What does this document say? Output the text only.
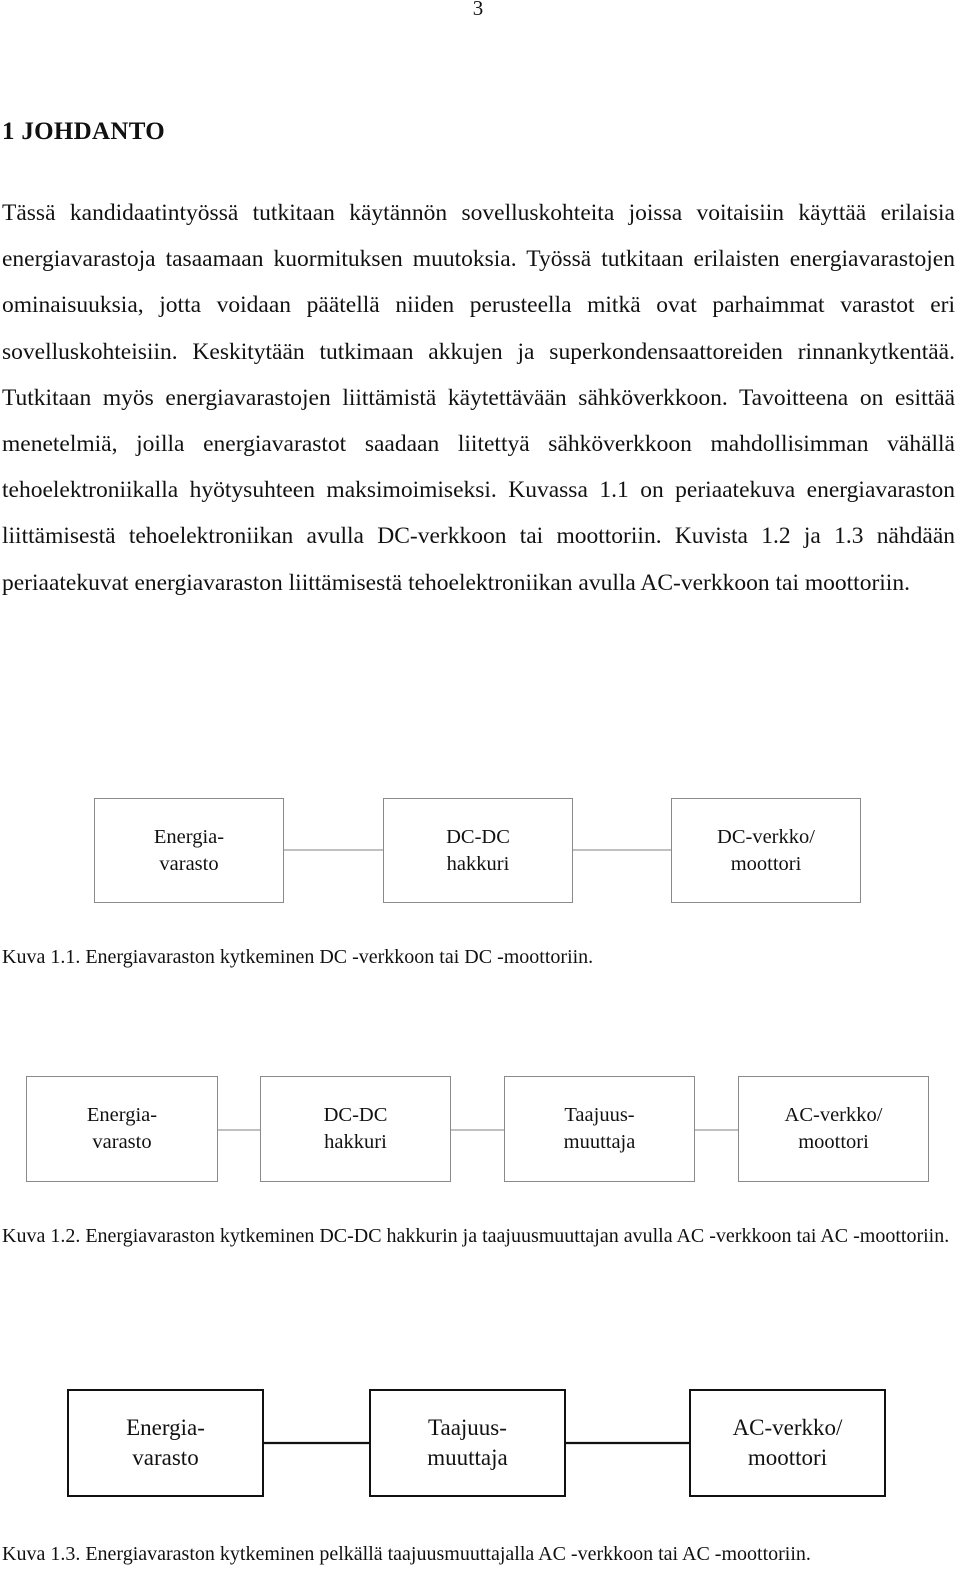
3
1 JOHDANTO

Tässä kandidaatintyössä tutkitaan käytännön sovelluskohteita joissa voitaisiin käyttää erilaisia energiavarastoja tasaamaan kuormituksen muutoksia. Työssä tutkitaan erilaisten energiavarastojen ominaisuuksia, jotta voidaan päätellä niiden perusteella mitkä ovat parhaimmat varastot eri sovelluskohteisiin. Keskitytään tutkimaan akkujen ja superkondensaattoreiden rinnankytkentää. Tutkitaan myös energiavarastojen liittämistä käytettävään sähköverkkoon. Tavoitteena on esittää menetelmiä, joilla energiavarastot saadaan liitettyä sähköverkkoon mahdollisimman vähällä tehoelektroniikalla hyötysuhteen maksimoimiseksi. Kuvassa 1.1 on periaatekuva energiavaraston liittämisestä tehoelektroniikan avulla DC-verkkoon tai moottoriin. Kuvista 1.2 ja 1.3 nähdään periaatekuvat energiavaraston liittämisestä tehoelektroniikan avulla AC-verkkoon tai moottoriin.

Energia-
varasto
DC-DC
hakkuri
DC-verkko/
moottori

Kuva 1.1. Energiavaraston kytkeminen DC -verkkoon tai DC -moottoriin.

Energia-
varasto
DC-DC
hakkuri
Taajuus-
muuttaja
AC-verkko/
moottori

Kuva 1.2. Energiavaraston kytkeminen DC-DC hakkurin ja taajuusmuuttajan avulla AC -verkkoon tai AC -moottoriin.

Energia-
varasto
Taajuus-
muuttaja
AC-verkko/
moottori

Kuva 1.3. Energiavaraston kytkeminen pelkällä taajuusmuuttajalla AC -verkkoon tai AC -moottoriin.
